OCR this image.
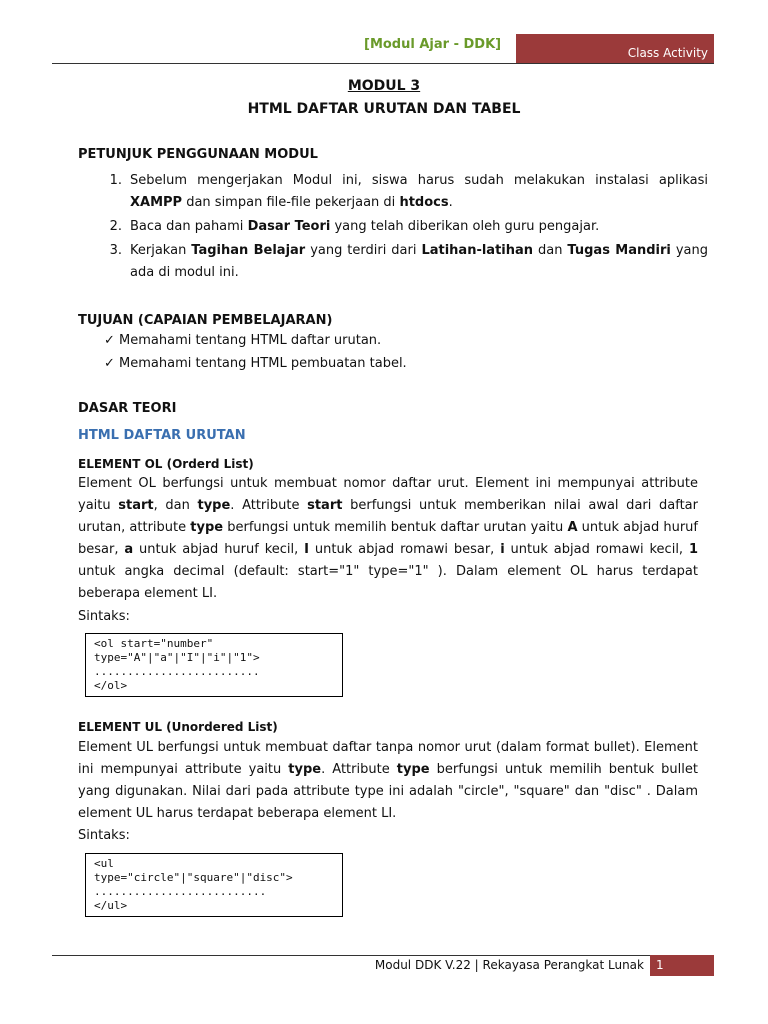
[Modul Ajar - DDK]
Class Activity
MODUL 3
HTML DAFTAR URUTAN DAN TABEL
PETUNJUK PENGGUNAAN MODUL
1. Sebelum mengerjakan Modul ini, siswa harus sudah melakukan instalasi aplikasi XAMPP dan simpan file-file pekerjaan di htdocs.
2. Baca dan pahami Dasar Teori yang telah diberikan oleh guru pengajar.
3. Kerjakan Tagihan Belajar yang terdiri dari Latihan-latihan dan Tugas Mandiri yang ada di modul ini.
TUJUAN (CAPAIAN PEMBELAJARAN)
✓ Memahami tentang HTML daftar urutan.
✓ Memahami tentang HTML pembuatan tabel.
DASAR TEORI
HTML DAFTAR URUTAN
ELEMENT OL (Orderd List)
Element OL berfungsi untuk membuat nomor daftar urut. Element ini mempunyai attribute yaitu start, dan type. Attribute start berfungsi untuk memberikan nilai awal dari daftar urutan, attribute type berfungsi untuk memilih bentuk daftar urutan yaitu A untuk abjad huruf besar, a untuk abjad huruf kecil, I untuk abjad romawi besar, i untuk abjad romawi kecil, 1 untuk angka decimal (default: start="1" type="1" ). Dalam element OL harus terdapat beberapa element LI.
Sintaks:
<ol start="number"
type="A"|"a"|"I"|"i"|"1">
.........................
</ol>
ELEMENT UL (Unordered List)
Element UL berfungsi untuk membuat daftar tanpa nomor urut (dalam format bullet). Element ini mempunyai attribute yaitu type. Attribute type berfungsi untuk memilih bentuk bullet yang digunakan. Nilai dari pada attribute type ini adalah "circle", "square" dan "disc" . Dalam element UL harus terdapat beberapa element LI.
Sintaks:
<ul
type="circle"|"square"|"disc">
..........................
</ul>
Modul DDK V.22 | Rekayasa Perangkat Lunak 1
